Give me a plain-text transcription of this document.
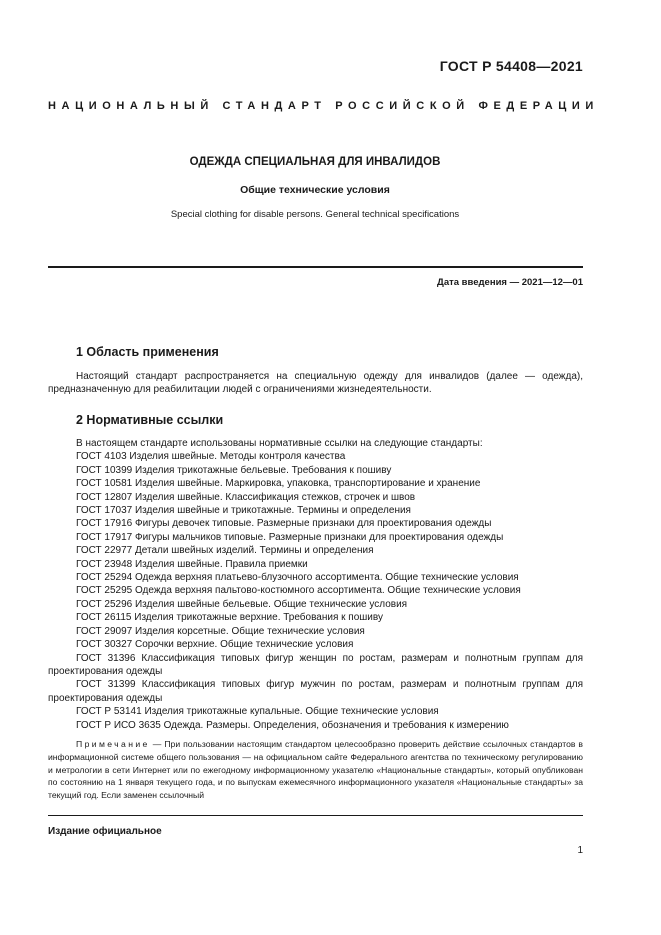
ГОСТ Р 54408—2021
НАЦИОНАЛЬНЫЙ СТАНДАРТ РОССИЙСКОЙ ФЕДЕРАЦИИ
ОДЕЖДА СПЕЦИАЛЬНАЯ ДЛЯ ИНВАЛИДОВ
Общие технические условия
Special clothing for disable persons. General technical specifications
Дата введения — 2021—12—01
1 Область применения
Настоящий стандарт распространяется на специальную одежду для инвалидов (далее — одежда), предназначенную для реабилитации людей с ограничениями жизнедеятельности.
2 Нормативные ссылки
В настоящем стандарте использованы нормативные ссылки на следующие стандарты:
ГОСТ 4103 Изделия швейные. Методы контроля качества
ГОСТ 10399 Изделия трикотажные бельевые. Требования к пошиву
ГОСТ 10581 Изделия швейные. Маркировка, упаковка, транспортирование и хранение
ГОСТ 12807 Изделия швейные. Классификация стежков, строчек и швов
ГОСТ 17037 Изделия швейные и трикотажные. Термины и определения
ГОСТ 17916 Фигуры девочек типовые. Размерные признаки для проектирования одежды
ГОСТ 17917 Фигуры мальчиков типовые. Размерные признаки для проектирования одежды
ГОСТ 22977 Детали швейных изделий. Термины и определения
ГОСТ 23948 Изделия швейные. Правила приемки
ГОСТ 25294 Одежда верхняя платьево-блузочного ассортимента. Общие технические условия
ГОСТ 25295 Одежда верхняя пальтово-костюмного ассортимента. Общие технические условия
ГОСТ 25296 Изделия швейные бельевые. Общие технические условия
ГОСТ 26115 Изделия трикотажные верхние. Требования к пошиву
ГОСТ 29097 Изделия корсетные. Общие технические условия
ГОСТ 30327 Сорочки верхние. Общие технические условия
ГОСТ 31396 Классификация типовых фигур женщин по ростам, размерам и полнотным группам для проектирования одежды
ГОСТ 31399 Классификация типовых фигур мужчин по ростам, размерам и полнотным группам для проектирования одежды
ГОСТ Р 53141 Изделия трикотажные купальные. Общие технические условия
ГОСТ Р ИСО 3635 Одежда. Размеры. Определения, обозначения и требования к измерению
Примечание — При пользовании настоящим стандартом целесообразно проверить действие ссылочных стандартов в информационной системе общего пользования — на официальном сайте Федерального агентства по техническому регулированию и метрологии в сети Интернет или по ежегодному информационному указателю «Национальные стандарты», который опубликован по состоянию на 1 января текущего года, и по выпускам ежемесячного информационного указателя «Национальные стандарты» за текущий год. Если заменен ссылочный
Издание официальное
1
